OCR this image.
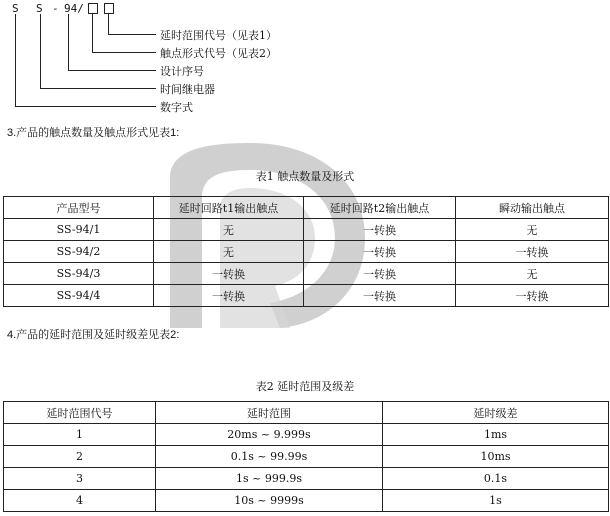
S S - 94/
延时范围代号（见表1）
触点形式代号（见表2）
设计序号
时间继电器
数字式
3.产品的触点数量及触点形式见表1:
表1 触点数量及形式
产品型号	延时回路t1输出触点	延时回路t2输出触点	瞬动输出触点
SS-94/1	无	一转换	无
SS-94/2	无	一转换	一转换
SS-94/3	一转换	一转换	无
SS-94/4	一转换	一转换	一转换
4.产品的延时范围及延时级差见表2:
表2 延时范围及级差
延时范围代号	延时范围	延时级差
1	20ms ~ 9.999s	1ms
2	0.1s ~ 99.99s	10ms
3	1s ~ 999.9s	0.1s
4	10s ~ 9999s	1s
